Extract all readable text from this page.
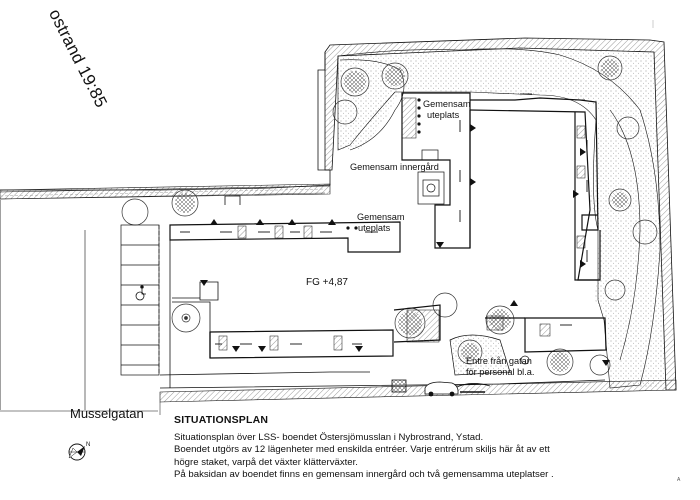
N
ostrand 19:85	Gemensam
uteplats
Gemensam innergård
Gemensam
uteplats
FG +4,87
Entre från gatan
för personal bl.a.
Musselgatan	SITUATIONSPLAN
Situationsplan över LSS- boendet Östersjömusslan i Nybrostrand, Ystad.
Boendet utgörs av 12 lägenheter med enskilda entréer. Varje entrérum skiljs här åt av ett
högre staket, varpå det växter klätterväxter.
På baksidan av boendet finns en gemensam innergård och två gemensamma uteplatser .
A
